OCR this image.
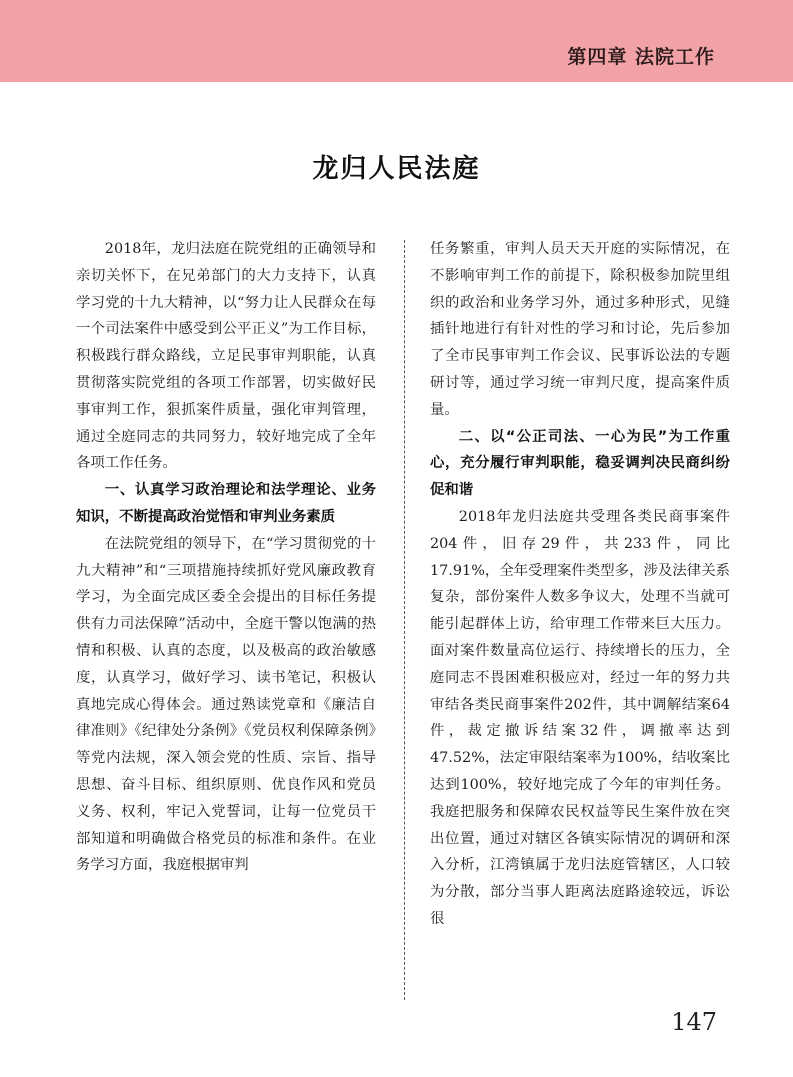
第四章 法院工作
龙归人民法庭

2018年，龙归法庭在院党组的正确领导和亲切关怀下，在兄弟部门的大力支持下，认真学习党的十九大精神，以“努力让人民群众在每一个司法案件中感受到公平正义”为工作目标，积极践行群众路线，立足民事审判职能，认真贯彻落实院党组的各项工作部署，切实做好民事审判工作，狠抓案件质量，强化审判管理，通过全庭同志的共同努力，较好地完成了全年各项工作任务。

一、认真学习政治理论和法学理论、业务知识，不断提高政治觉悟和审判业务素质

在法院党组的领导下，在“学习贯彻党的十九大精神”和“三项措施持续抓好党风廉政教育学习，为全面完成区委全会提出的目标任务提供有力司法保障”活动中，全庭干警以饱满的热情和积极、认真的态度，以及极高的政治敏感度，认真学习，做好学习、读书笔记，积极认真地完成心得体会。通过熟读党章和《廉洁自律准则》《纪律处分条例》《党员权利保障条例》等党内法规，深入领会党的性质、宗旨、指导思想、奋斗目标、组织原则、优良作风和党员义务、权利，牢记入党誓词，让每一位党员干部知道和明确做合格党员的标准和条件。在业务学习方面，我庭根据审判

任务繁重，审判人员天天开庭的实际情况，在不影响审判工作的前提下，除积极参加院里组织的政治和业务学习外，通过多种形式，见缝插针地进行有针对性的学习和讨论，先后参加了全市民事审判工作会议、民事诉讼法的专题研讨等，通过学习统一审判尺度，提高案件质量。

二、以“公正司法、一心为民”为工作重心，充分履行审判职能，稳妥调判决民商纠纷促和谐

2018年龙归法庭共受理各类民商事案件204件，旧存29件，共233件，同比17.91%，全年受理案件类型多，涉及法律关系复杂，部份案件人数多争议大，处理不当就可能引起群体上访，给审理工作带来巨大压力。面对案件数量高位运行、持续增长的压力，全庭同志不畏困难积极应对，经过一年的努力共审结各类民商事案件202件，其中调解结案64件，裁定撤诉结案32件，调撤率达到47.52%，法定审限结案率为100%，结收案比达到100%，较好地完成了今年的审判任务。我庭把服务和保障农民权益等民生案件放在突出位置，通过对辖区各镇实际情况的调研和深入分析，江湾镇属于龙归法庭管辖区，人口较为分散，部分当事人距离法庭路途较远，诉讼很

147
